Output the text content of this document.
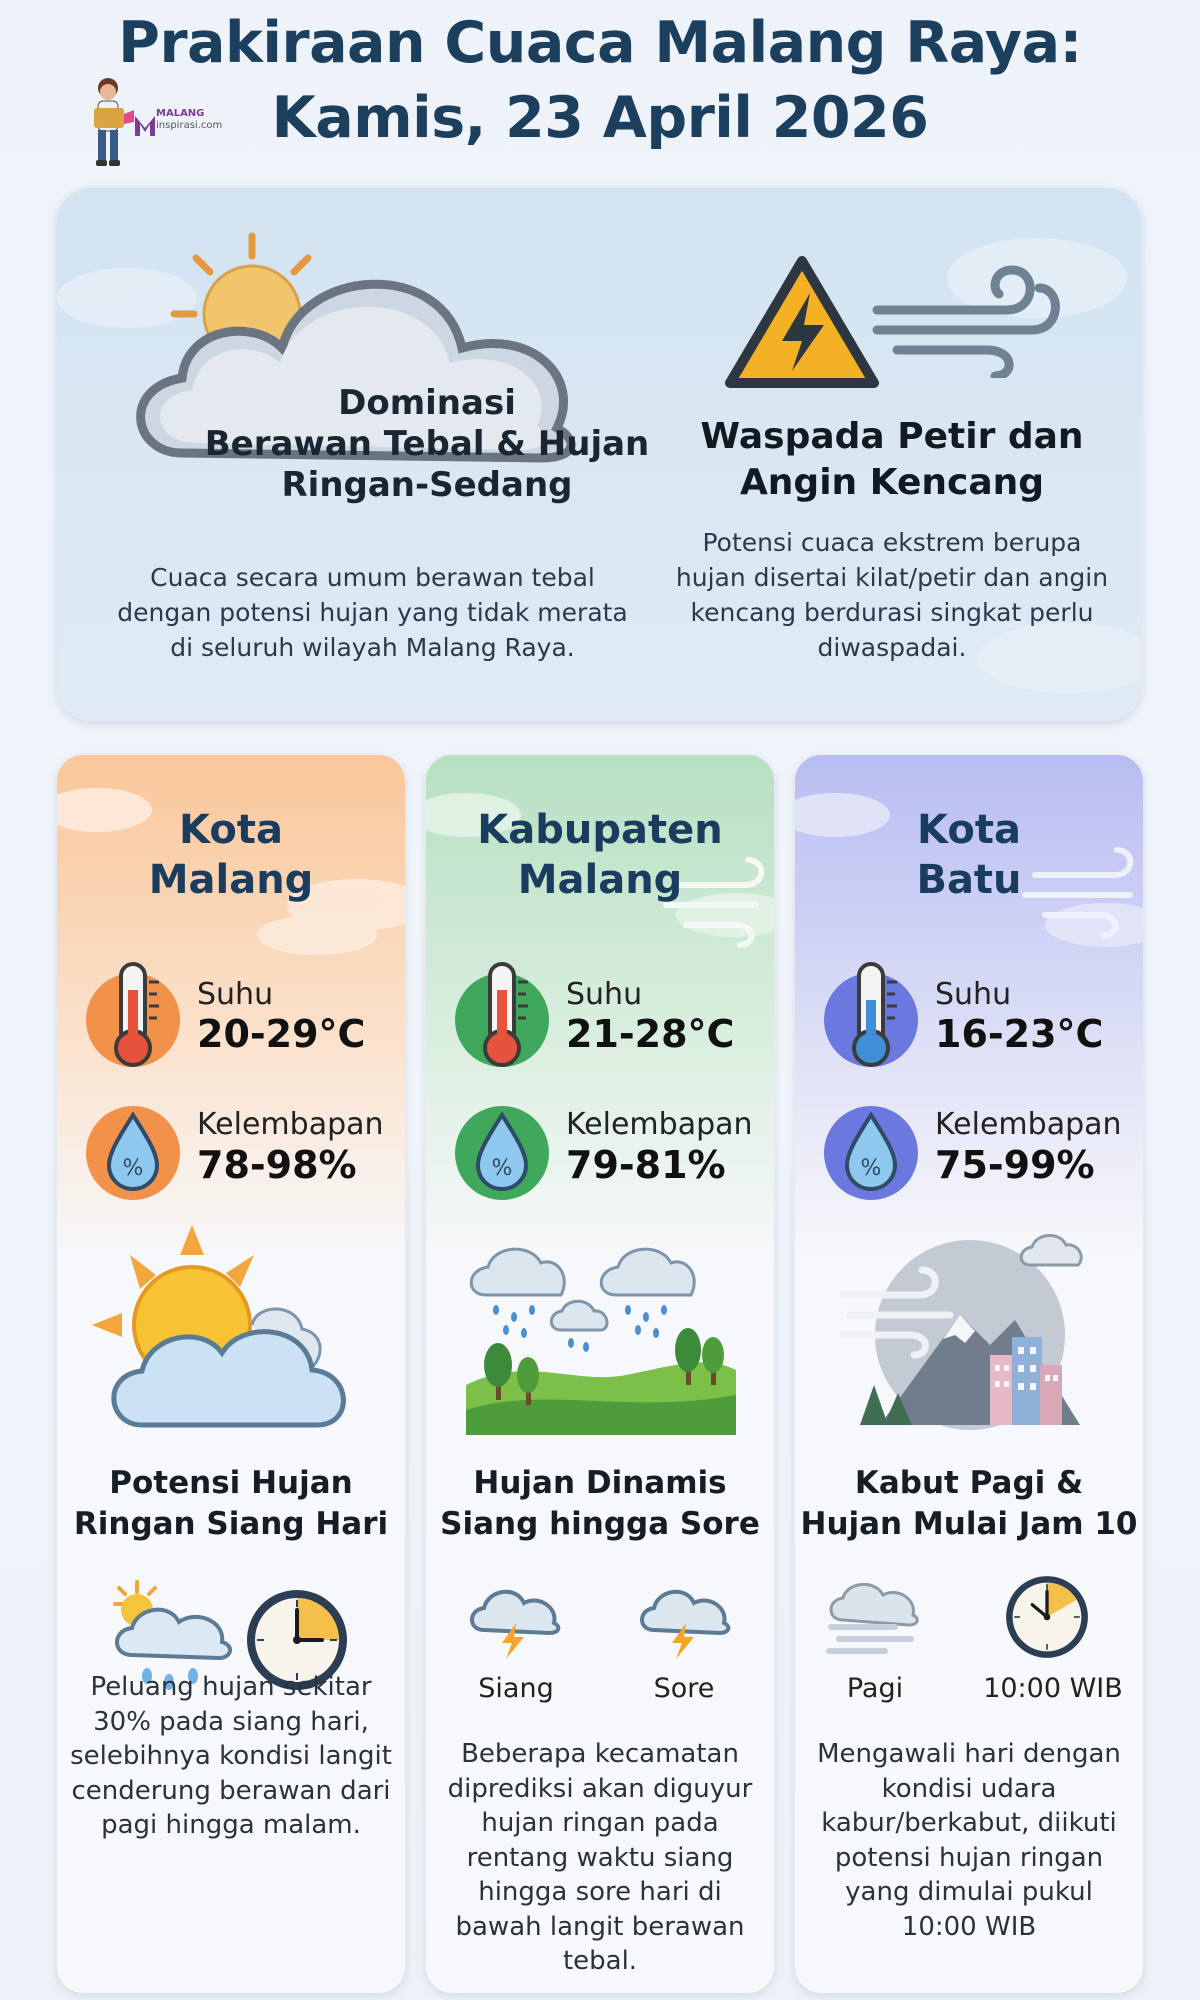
Prakiraan Cuaca Malang Raya:
Kamis, 23 April 2026
MALANG
inspirasi.com
Dominasi
Berawan Tebal & Hujan
Ringan-Sedang
Cuaca secara umum berawan tebal
dengan potensi hujan yang tidak merata
di seluruh wilayah Malang Raya.
Waspada Petir dan
Angin Kencang
Potensi cuaca ekstrem berupa
hujan disertai kilat/petir dan angin
kencang berdurasi singkat perlu
diwaspadai.
Kota
Malang
Suhu
20-29°C
%
Kelembapan
78-98%
Potensi Hujan
Ringan Siang Hari
Peluang hujan sekitar
30% pada siang hari,
selebihnya kondisi langit
cenderung berawan dari
pagi hingga malam.
Kabupaten
Malang
Suhu
21-28°C
%
Kelembapan
79-81%
Hujan Dinamis
Siang hingga Sore
Siang	Sore
Beberapa kecamatan
diprediksi akan diguyur
hujan ringan pada
rentang waktu siang
hingga sore hari di
bawah langit berawan
tebal.
Kota
Batu
Suhu
16-23°C
%
Kelembapan
75-99%
Kabut Pagi &
Hujan Mulai Jam 10
Pagi	10:00 WIB
Mengawali hari dengan
kondisi udara
kabur/berkabut, diikuti
potensi hujan ringan
yang dimulai pukul
10:00 WIB
